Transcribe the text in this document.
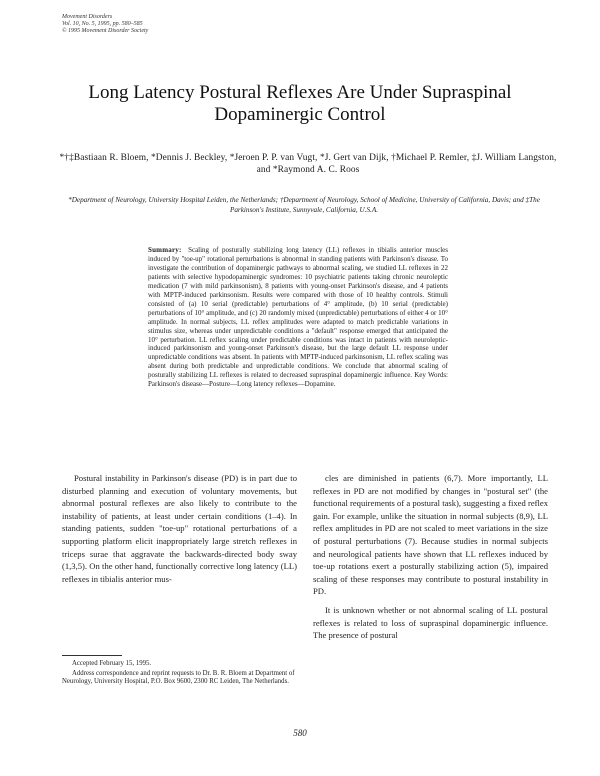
Movement Disorders
Vol. 10, No. 5, 1995, pp. 580–585
© 1995 Movement Disorder Society
Long Latency Postural Reflexes Are Under Supraspinal Dopaminergic Control
*†‡Bastiaan R. Bloem, *Dennis J. Beckley, *Jeroen P. P. van Vugt, *J. Gert van Dijk, †Michael P. Remler, ‡J. William Langston, and *Raymond A. C. Roos
*Department of Neurology, University Hospital Leiden, the Netherlands; †Department of Neurology, School of Medicine, University of California, Davis; and ‡The Parkinson's Institute, Sunnyvale, California, U.S.A.
Summary: Scaling of posturally stabilizing long latency (LL) reflexes in tibialis anterior muscles induced by "toe-up" rotational perturbations is abnormal in standing patients with Parkinson's disease. To investigate the contribution of dopaminergic pathways to abnormal scaling, we studied LL reflexes in 22 patients with selective hypodopaminergic syndromes: 10 psychiatric patients taking chronic neuroleptic medication (7 with mild parkinsonism), 8 patients with young-onset Parkinson's disease, and 4 patients with MPTP-induced parkinsonism. Results were compared with those of 10 healthy controls. Stimuli consisted of (a) 10 serial (predictable) perturbations of 4° amplitude, (b) 10 serial (predictable) perturbations of 10° amplitude, and (c) 20 randomly mixed (unpredictable) perturbations of either 4 or 10° amplitude. In normal subjects, LL reflex amplitudes were adapted to match predictable variations in stimulus size, whereas under unpredictable conditions a "default" response emerged that anticipated the 10° perturbation. LL reflex scaling under predictable conditions was intact in patients with neuroleptic-induced parkinsonism and young-onset Parkinson's disease, but the large default LL response under unpredictable conditions was absent. In patients with MPTP-induced parkinsonism, LL reflex scaling was absent during both predictable and unpredictable conditions. We conclude that abnormal scaling of posturally stabilizing LL reflexes is related to decreased supraspinal dopaminergic influence. Key Words: Parkinson's disease—Posture—Long latency reflexes—Dopamine.

Postural instability in Parkinson's disease (PD) is in part due to disturbed planning and execution of voluntary movements, but abnormal postural reflexes are also likely to contribute to the instability of patients, at least under certain conditions (1–4). In standing patients, sudden "toe-up" rotational perturbations of a supporting platform elicit inappropriately large stretch reflexes in triceps surae that aggravate the backwards-directed body sway (1,3,5). On the other hand, functionally corrective long latency (LL) reflexes in tibialis anterior mus-

cles are diminished in patients (6,7). More importantly, LL reflexes in PD are not modified by changes in "postural set" (the functional requirements of a postural task), suggesting a fixed reflex gain. For example, unlike the situation in normal subjects (8,9), LL reflex amplitudes in PD are not scaled to meet variations in the size of postural perturbations (7). Because studies in normal subjects and neurological patients have shown that LL reflexes induced by toe-up rotations exert a posturally stabilizing action (5), impaired scaling of these responses may contribute to postural instability in PD.

It is unknown whether or not abnormal scaling of LL postural reflexes is related to loss of supraspinal dopaminergic influence. The presence of postural

Accepted February 15, 1995.

Address correspondence and reprint requests to Dr. B. R. Bloem at Department of Neurology, University Hospital, P.O. Box 9600, 2300 RC Leiden, The Netherlands.

580
